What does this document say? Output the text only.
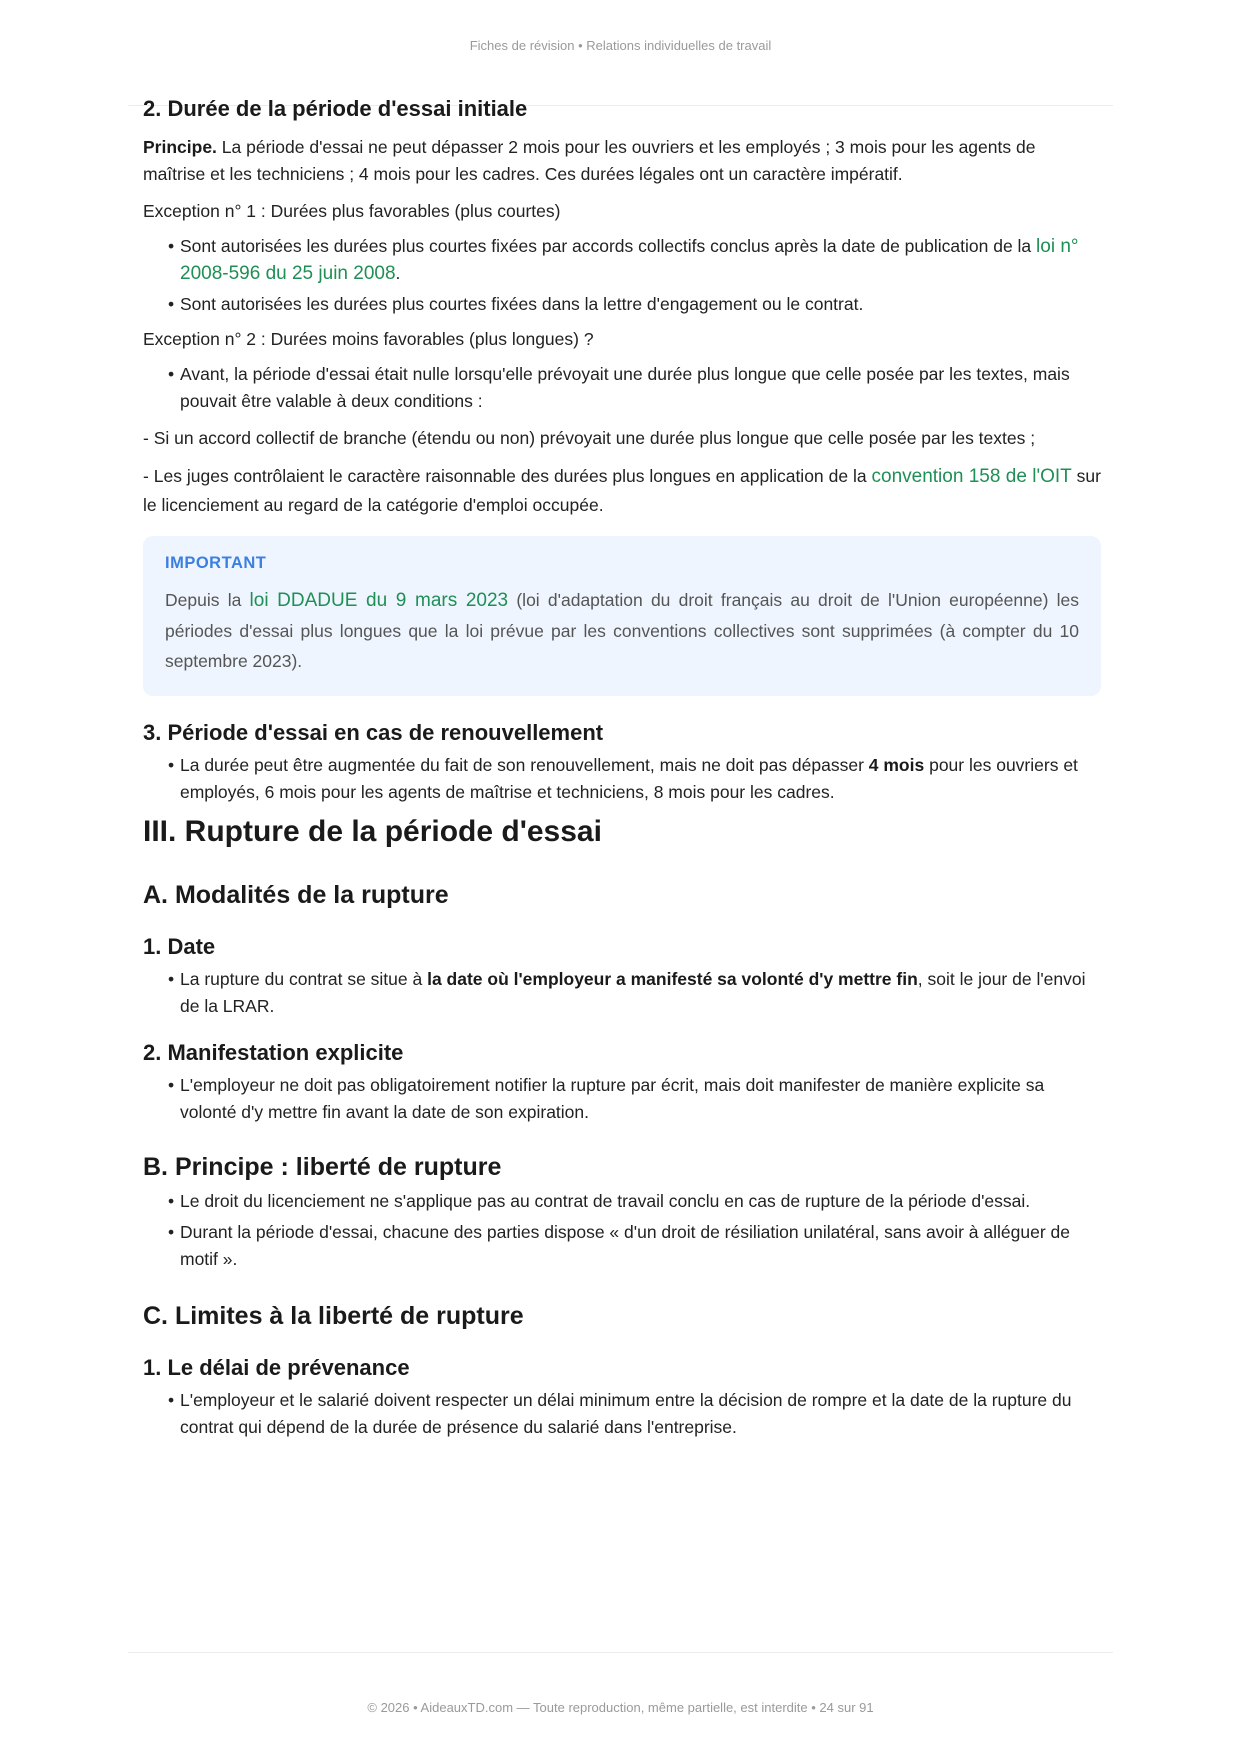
Fiches de révision • Relations individuelles de travail
2. Durée de la période d'essai initiale

Principe. La période d'essai ne peut dépasser 2 mois pour les ouvriers et les employés ; 3 mois pour les agents de maîtrise et les techniciens ; 4 mois pour les cadres. Ces durées légales ont un caractère impératif.

Exception n° 1 : Durées plus favorables (plus courtes)

• Sont autorisées les durées plus courtes fixées par accords collectifs conclus après la date de publication de la loi n° 2008-596 du 25 juin 2008.
• Sont autorisées les durées plus courtes fixées dans la lettre d'engagement ou le contrat.

Exception n° 2 : Durées moins favorables (plus longues) ?

• Avant, la période d'essai était nulle lorsqu'elle prévoyait une durée plus longue que celle posée par les textes, mais pouvait être valable à deux conditions :

- Si un accord collectif de branche (étendu ou non) prévoyait une durée plus longue que celle posée par les textes ;

- Les juges contrôlaient le caractère raisonnable des durées plus longues en application de la convention 158 de l'OIT sur le licenciement au regard de la catégorie d'emploi occupée.

IMPORTANT
Depuis la loi DDADUE du 9 mars 2023 (loi d'adaptation du droit français au droit de l'Union européenne) les périodes d'essai plus longues que la loi prévue par les conventions collectives sont supprimées (à compter du 10 septembre 2023).
3. Période d'essai en cas de renouvellement
• La durée peut être augmentée du fait de son renouvellement, mais ne doit pas dépasser 4 mois pour les ouvriers et employés, 6 mois pour les agents de maîtrise et techniciens, 8 mois pour les cadres.
III. Rupture de la période d'essai
A. Modalités de la rupture
1. Date
• La rupture du contrat se situe à la date où l'employeur a manifesté sa volonté d'y mettre fin, soit le jour de l'envoi de la LRAR.
2. Manifestation explicite
• L'employeur ne doit pas obligatoirement notifier la rupture par écrit, mais doit manifester de manière explicite sa volonté d'y mettre fin avant la date de son expiration.
B. Principe : liberté de rupture
• Le droit du licenciement ne s'applique pas au contrat de travail conclu en cas de rupture de la période d'essai.
• Durant la période d'essai, chacune des parties dispose « d'un droit de résiliation unilatéral, sans avoir à alléguer de motif ».
C. Limites à la liberté de rupture
1. Le délai de prévenance
• L'employeur et le salarié doivent respecter un délai minimum entre la décision de rompre et la date de la rupture du contrat qui dépend de la durée de présence du salarié dans l'entreprise.
© 2026 • AideauxTD.com — Toute reproduction, même partielle, est interdite • 24 sur 91
